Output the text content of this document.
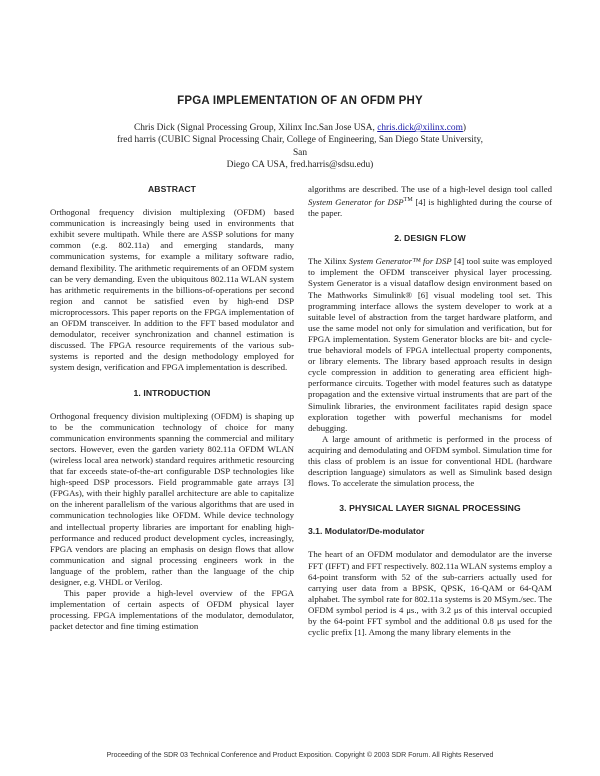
FPGA IMPLEMENTATION OF AN OFDM PHY
Chris Dick (Signal Processing Group, Xilinx Inc.San Jose USA, chris.dick@xilinx.com)
fred harris (CUBIC Signal Processing Chair, College of Engineering, San Diego State University, San
Diego CA USA, fred.harris@sdsu.edu)
ABSTRACT

Orthogonal frequency division multiplexing (OFDM) based communication is increasingly being used in environments that exhibit severe multipath. While there are ASSP solutions for many common (e.g. 802.11a) and emerging standards, many communication systems, for example a military software radio, demand flexibility. The arithmetic requirements of an OFDM system can be very demanding. Even the ubiquitous 802.11a WLAN system has arithmetic requirements in the billions-of-operations per second region and cannot be satisfied even by high-end DSP microprocessors. This paper reports on the FPGA implementation of an OFDM transceiver. In addition to the FFT based modulator and demodulator, receiver synchronization and channel estimation is discussed. The FPGA resource requirements of the various sub-systems is reported and the design methodology employed for system design, verification and FPGA implementation is described.

1. INTRODUCTION

Orthogonal frequency division multiplexing (OFDM) is shaping up to be the communication technology of choice for many communication environments spanning the commercial and military sectors. However, even the garden variety 802.11a OFDM WLAN (wireless local area network) standard requires arithmetic resourcing that far exceeds state-of-the-art configurable DSP technologies like high-speed DSP processors. Field programmable gate arrays [3] (FPGAs), with their highly parallel architecture are able to capitalize on the inherent parallelism of the various algorithms that are used in communication technologies like OFDM. While device technology and intellectual property libraries are important for enabling high-performance and reduced product development cycles, increasingly, FPGA vendors are placing an emphasis on design flows that allow communication and signal processing engineers work in the language of the problem, rather than the language of the chip designer, e.g. VHDL or Verilog.

This paper provide a high-level overview of the FPGA implementation of certain aspects of OFDM physical layer processing. FPGA implementations of the modulator, demodulator, packet detector and fine timing estimation

algorithms are described. The use of a high-level design tool called System Generator for DSP™ [4] is highlighted during the course of the paper.

2. DESIGN FLOW

The Xilinx System Generator™ for DSP [4] tool suite was employed to implement the OFDM transceiver physical layer processing. System Generator is a visual dataflow design environment based on The Mathworks Simulink® [6] visual modeling tool set. This programming interface allows the system developer to work at a suitable level of abstraction from the target hardware platform, and use the same model not only for simulation and verification, but for FPGA implementation. System Generator blocks are bit- and cycle-true behavioral models of FPGA intellectual property components, or library elements. The library based approach results in design cycle compression in addition to generating area efficient high-performance circuits. Together with model features such as datatype propagation and the extensive virtual instruments that are part of the Simulink libraries, the environment facilitates rapid design space exploration together with powerful mechanisms for model debugging.

A large amount of arithmetic is performed in the process of acquiring and demodulating and OFDM symbol. Simulation time for this class of problem is an issue for conventional HDL (hardware description language) simulators as well as Simulink based design flows. To accelerate the simulation process, the

3. PHYSICAL LAYER SIGNAL PROCESSING
3.1. Modulator/De-modulator

The heart of an OFDM modulator and demodulator are the inverse FFT (IFFT) and FFT respectively. 802.11a WLAN systems employ a 64-point transform with 52 of the sub-carriers actually used for carrying user data from a BPSK, QPSK, 16-QAM or 64-QAM alphabet. The symbol rate for 802.11a systems is 20 MSym./sec. The OFDM symbol period is 4 μs., with 3.2 μs of this interval occupied by the 64-point FFT symbol and the additional 0.8 μs used for the cyclic prefix [1]. Among the many library elements in the

Proceeding of the SDR 03 Technical Conference and Product Exposition. Copyright © 2003 SDR Forum. All Rights Reserved
